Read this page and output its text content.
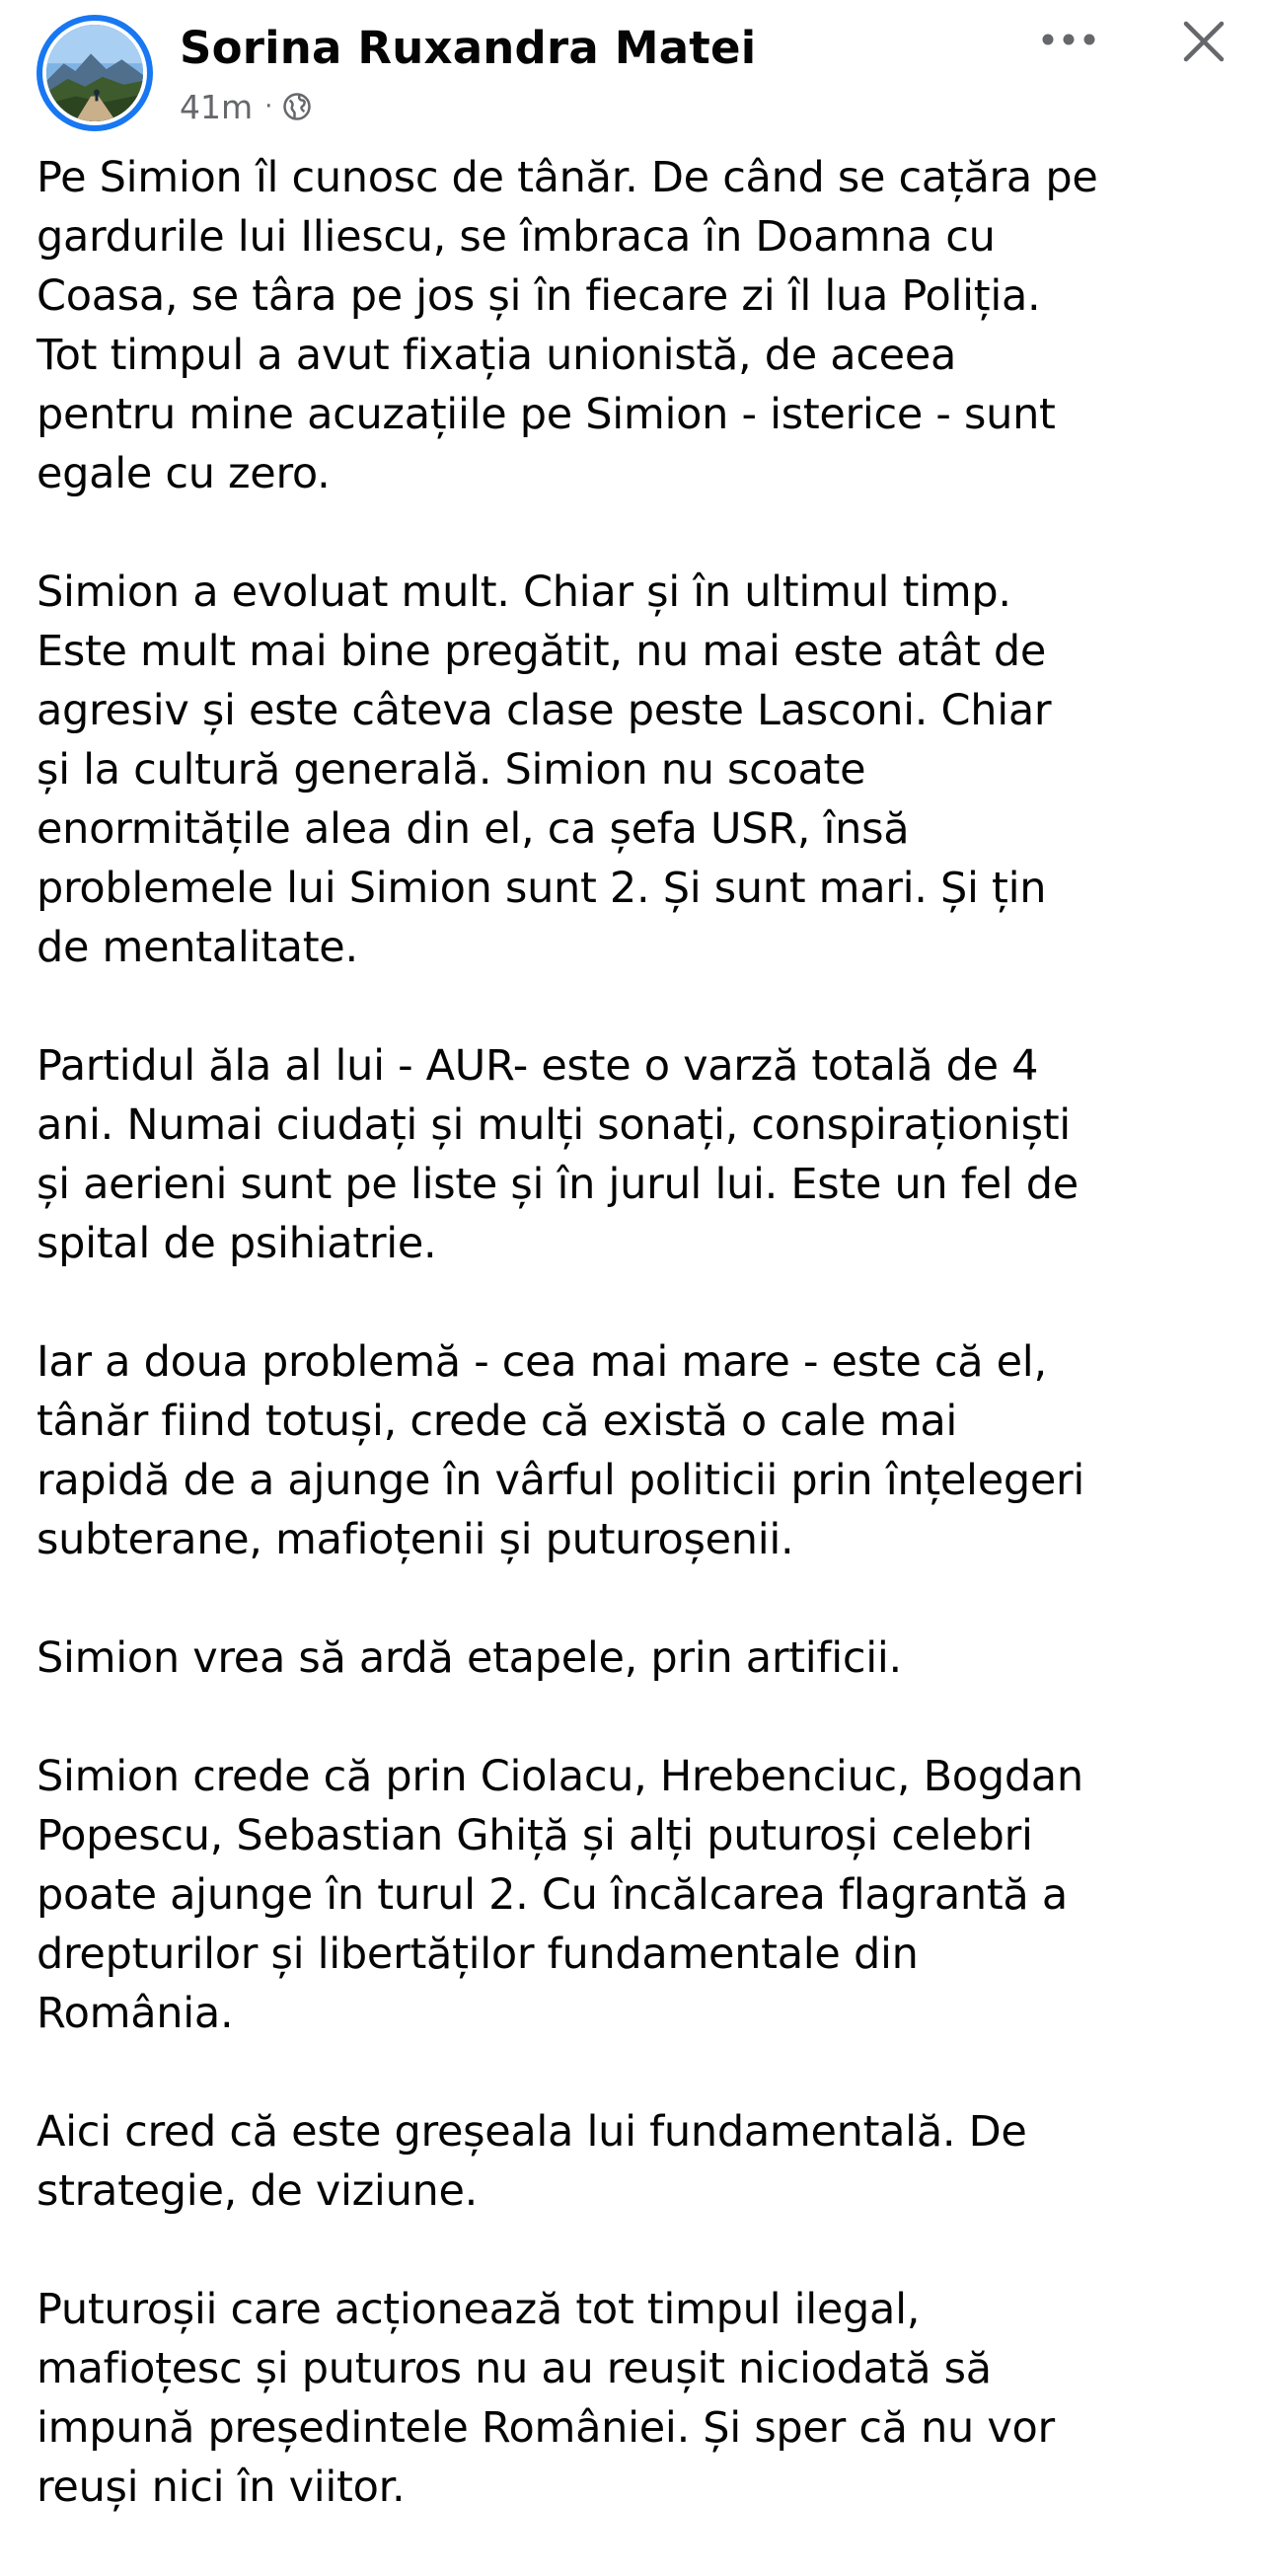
Sorina Ruxandra Matei
41m ·

Pe Simion îl cunosc de tânăr. De când se cațăra pe
gardurile lui Iliescu, se îmbraca în Doamna cu
Coasa, se târa pe jos și în fiecare zi îl lua Poliția.
Tot timpul a avut fixația unionistă, de aceea
pentru mine acuzațiile pe Simion - isterice - sunt
egale cu zero.

Simion a evoluat mult. Chiar și în ultimul timp.
Este mult mai bine pregătit, nu mai este atât de
agresiv și este câteva clase peste Lasconi. Chiar
și la cultură generală. Simion nu scoate
enormitățile alea din el, ca șefa USR, însă
problemele lui Simion sunt 2. Și sunt mari. Și țin
de mentalitate.

Partidul ăla al lui - AUR- este o varză totală de 4
ani. Numai ciudați și mulți sonați, conspiraționiști
și aerieni sunt pe liste și în jurul lui. Este un fel de
spital de psihiatrie.

Iar a doua problemă - cea mai mare - este că el,
tânăr fiind totuși, crede că există o cale mai
rapidă de a ajunge în vârful politicii prin înțelegeri
subterane, mafioțenii și puturoșenii.

Simion vrea să ardă etapele, prin artificii.

Simion crede că prin Ciolacu, Hrebenciuc, Bogdan
Popescu, Sebastian Ghiță și alți puturoși celebri
poate ajunge în turul 2. Cu încălcarea flagrantă a
drepturilor și libertăților fundamentale din
România.

Aici cred că este greșeala lui fundamentală. De
strategie, de viziune.

Puturoșii care acționează tot timpul ilegal,
mafioțesc și puturos nu au reușit niciodată să
impună președintele României. Și sper că nu vor
reuși nici în viitor.
